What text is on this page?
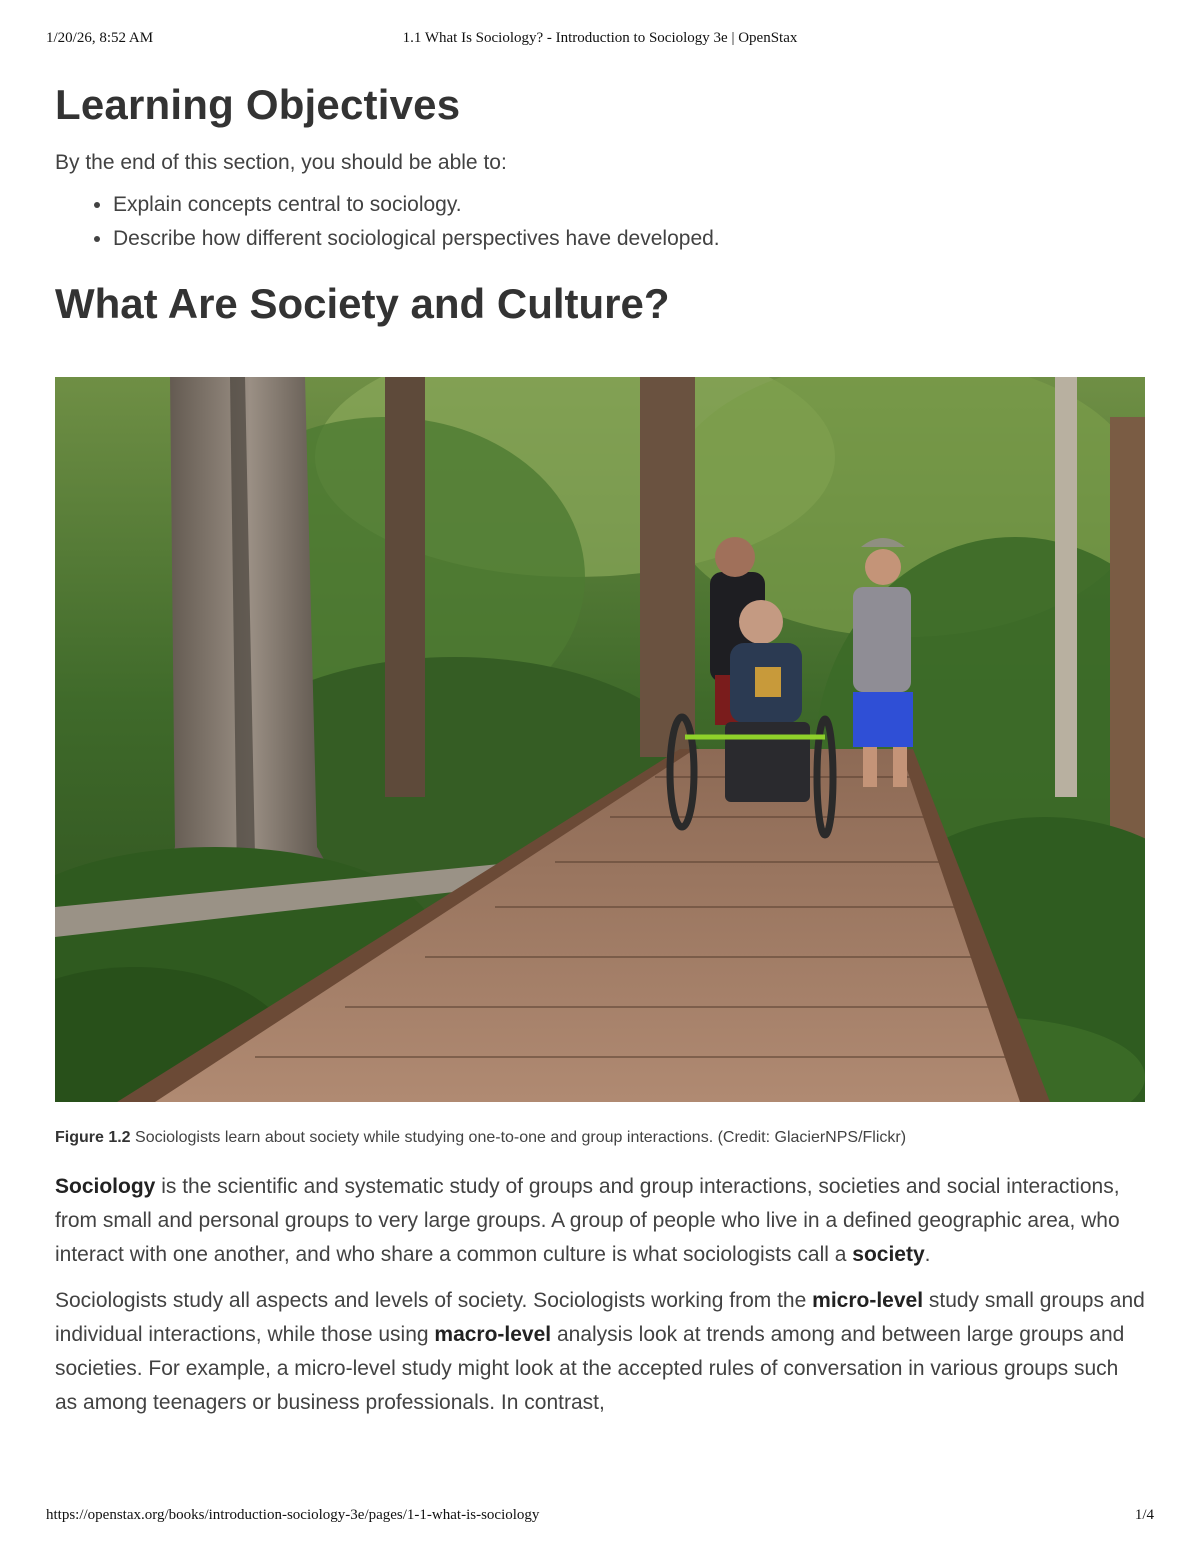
1/20/26, 8:52 AM	1.1 What Is Sociology? - Introduction to Sociology 3e | OpenStax
Learning Objectives

By the end of this section, you should be able to:

• Explain concepts central to sociology.
• Describe how different sociological perspectives have developed.
What Are Society and Culture?
Figure 1.2 Sociologists learn about society while studying one-to-one and group interactions. (Credit: GlacierNPS/Flickr)

Sociology is the scientific and systematic study of groups and group interactions, societies and social interactions, from small and personal groups to very large groups. A group of people who live in a defined geographic area, who interact with one another, and who share a common culture is what sociologists call a society.

Sociologists study all aspects and levels of society. Sociologists working from the micro-level study small groups and individual interactions, while those using macro-level analysis look at trends among and between large groups and societies. For example, a micro-level study might look at the accepted rules of conversation in various groups such as among teenagers or business professionals. In contrast,

https://openstax.org/books/introduction-sociology-3e/pages/1-1-what-is-sociology	1/4
